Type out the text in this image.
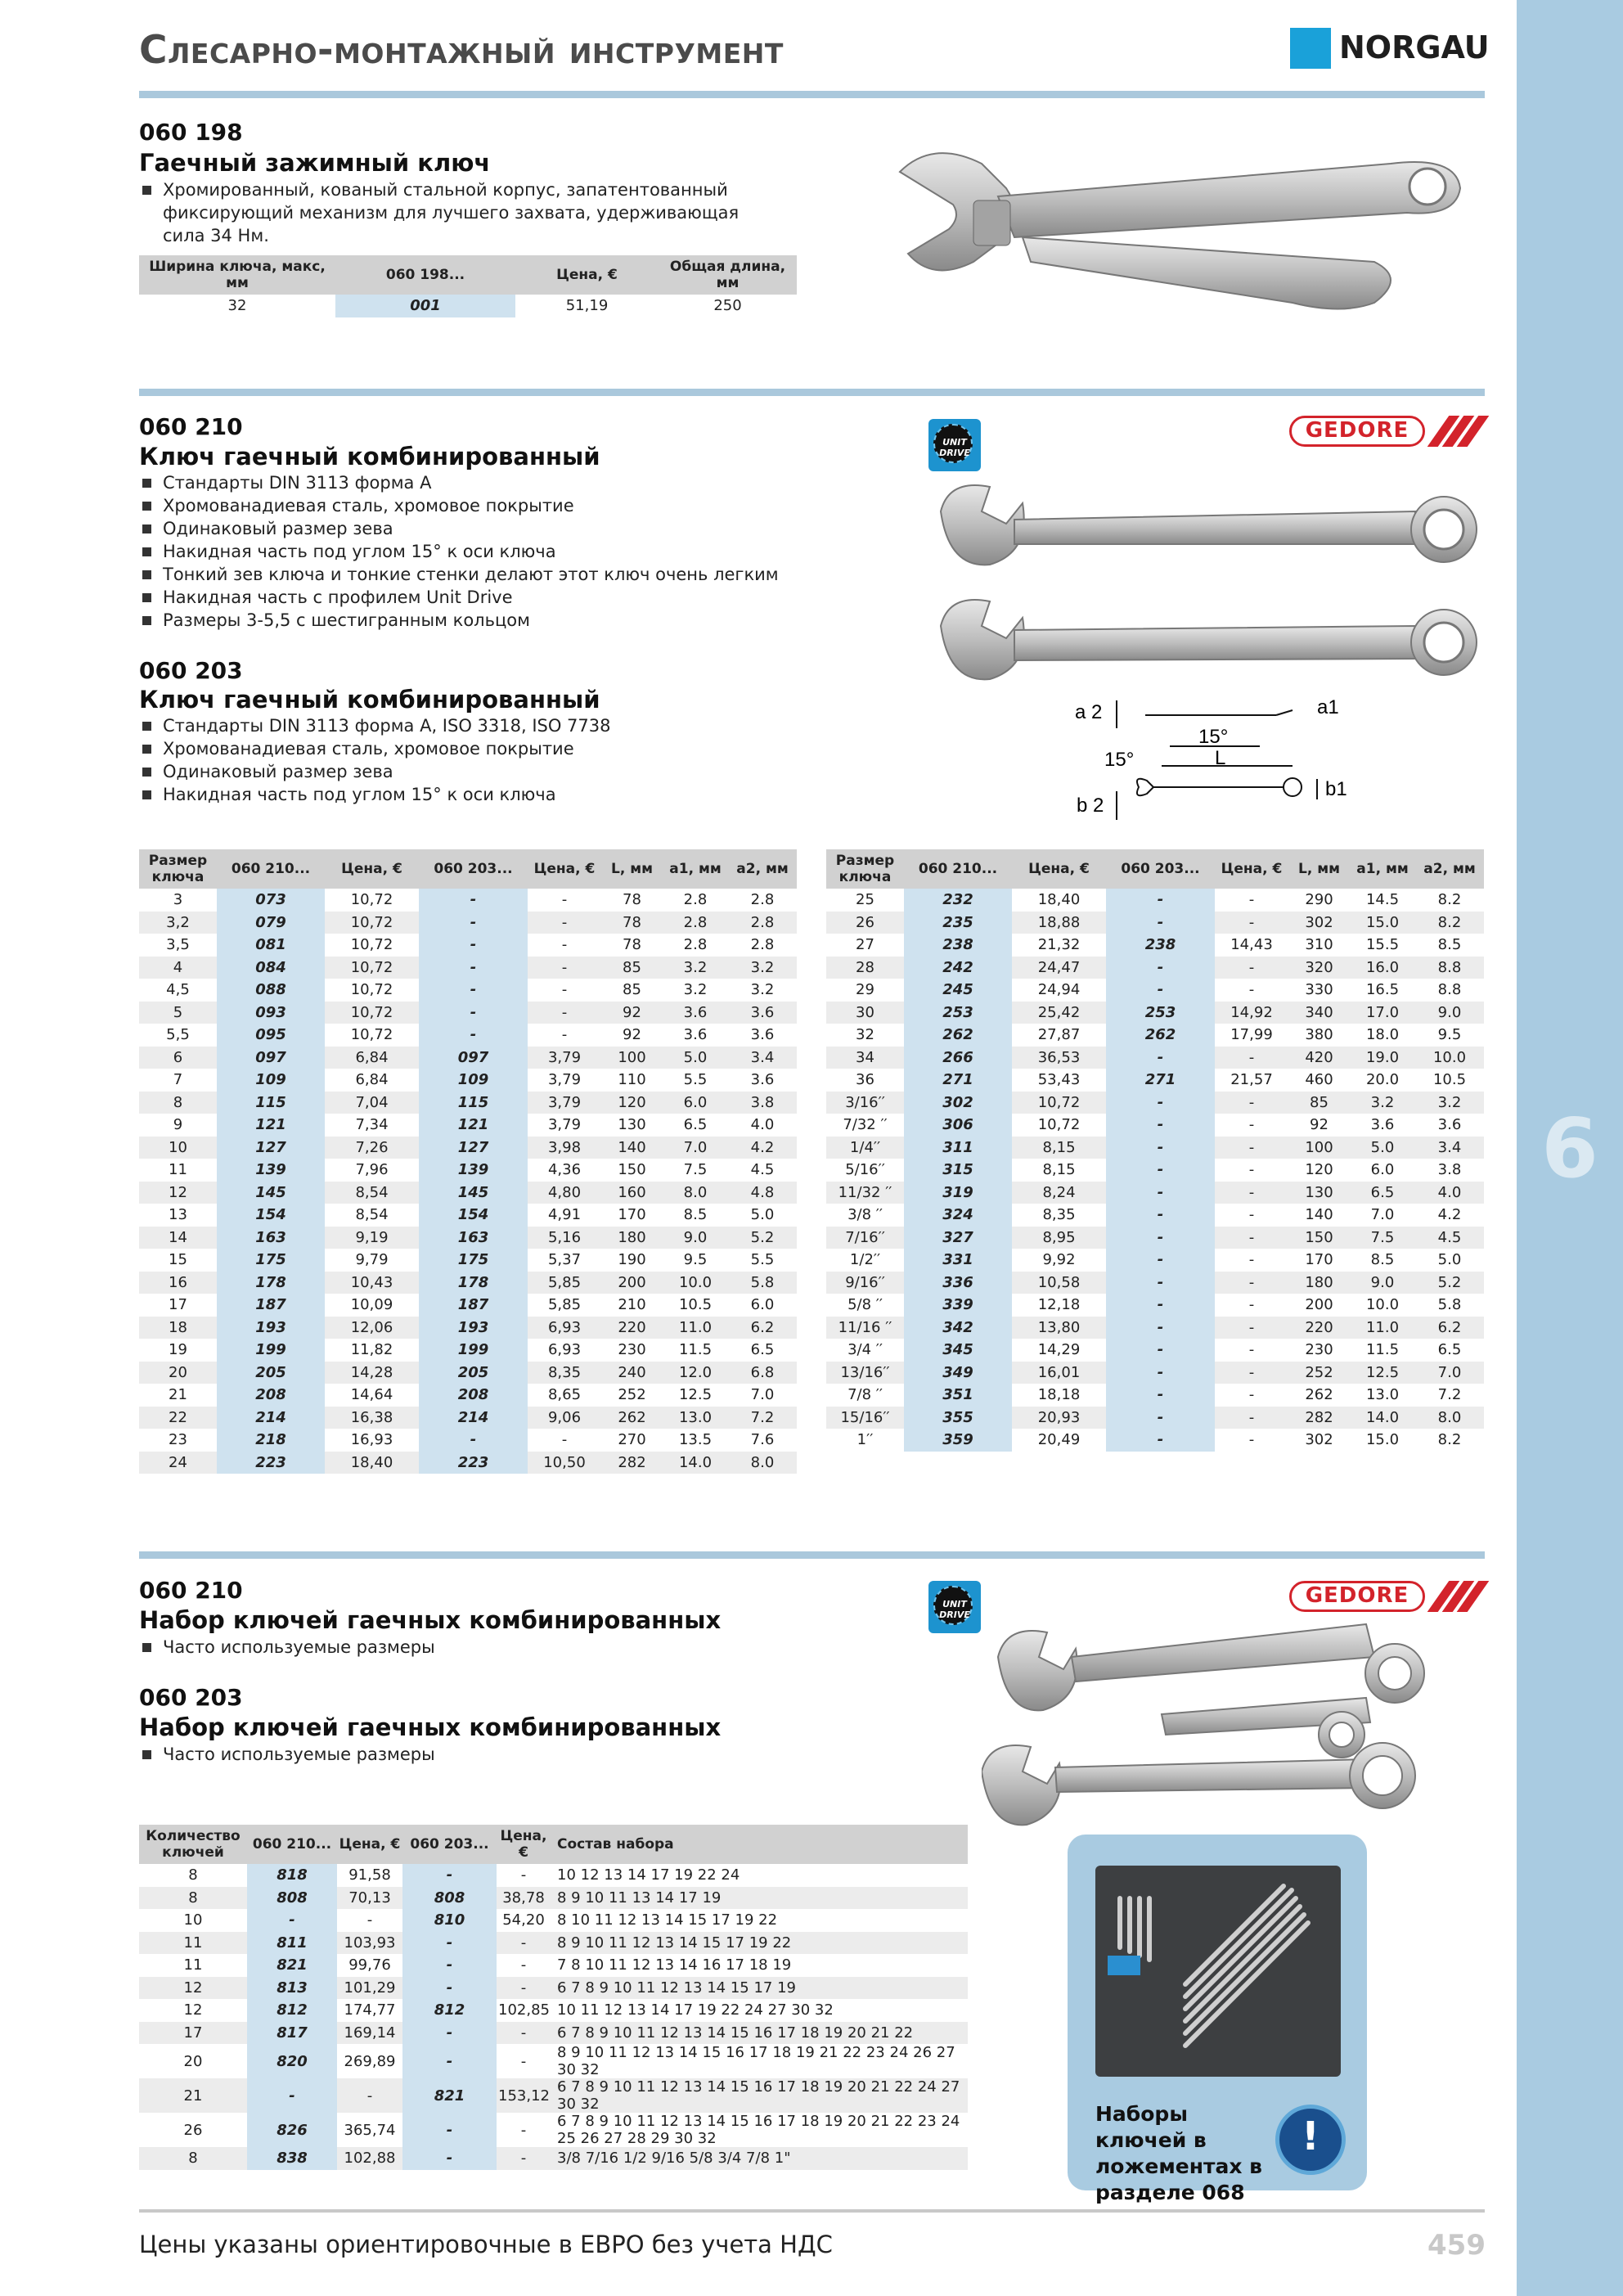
6
Слесарно-монтажный инструмент	NORGAU
060 198
Гаечный зажимный ключ
Хромированный, кованый стальной корпус, запатентованный фиксирующий механизм для лучшего захвата, удерживающая сила 34 Нм.
Ширина ключа, макс, мм	060 198...	Цена, €	Общая длина, мм
32	001	51,19	250
060 210
Ключ гаечный комбинированный
Стандарты DIN 3113 форма А
Хромованадиевая сталь, хромовое покрытие
Одинаковый размер зева
Накидная часть под углом 15° к оси ключа
Тонкий зев ключа и тонкие стенки делают этот ключ очень легким
Накидная часть с профилем Unit Drive
Размеры 3-5,5 с шестигранным кольцом
060 203
Ключ гаечный комбинированный
Стандарты DIN 3113 форма А, ISO 3318, ISO 7738
Хромованадиевая сталь, хромовое покрытие
Одинаковый размер зева
Накидная часть под углом 15° к оси ключа
UNIT DRIVE
GEDORE
a 2	a1
15°
15°	L
b 2
b1
Размер ключа	060 210...	Цена, €	060 203...	Цена, €	L, мм	a1, мм	a2, мм
3	073	10,72	-	-	78	2.8	2.8
3,2	079	10,72	-	-	78	2.8	2.8
3,5	081	10,72	-	-	78	2.8	2.8
4	084	10,72	-	-	85	3.2	3.2
4,5	088	10,72	-	-	85	3.2	3.2
5	093	10,72	-	-	92	3.6	3.6
5,5	095	10,72	-	-	92	3.6	3.6
6	097	6,84	097	3,79	100	5.0	3.4
7	109	6,84	109	3,79	110	5.5	3.6
8	115	7,04	115	3,79	120	6.0	3.8
9	121	7,34	121	3,79	130	6.5	4.0
10	127	7,26	127	3,98	140	7.0	4.2
11	139	7,96	139	4,36	150	7.5	4.5
12	145	8,54	145	4,80	160	8.0	4.8
13	154	8,54	154	4,91	170	8.5	5.0
14	163	9,19	163	5,16	180	9.0	5.2
15	175	9,79	175	5,37	190	9.5	5.5
16	178	10,43	178	5,85	200	10.0	5.8
17	187	10,09	187	5,85	210	10.5	6.0
18	193	12,06	193	6,93	220	11.0	6.2
19	199	11,82	199	6,93	230	11.5	6.5
20	205	14,28	205	8,35	240	12.0	6.8
21	208	14,64	208	8,65	252	12.5	7.0
22	214	16,38	214	9,06	262	13.0	7.2
23	218	16,93	-	-	270	13.5	7.6
24	223	18,40	223	10,50	282	14.0	8.0
Размер ключа	060 210...	Цена, €	060 203...	Цена, €	L, мм	a1, мм	a2, мм
25	232	18,40	-	-	290	14.5	8.2
26	235	18,88	-	-	302	15.0	8.2
27	238	21,32	238	14,43	310	15.5	8.5
28	242	24,47	-	-	320	16.0	8.8
29	245	24,94	-	-	330	16.5	8.8
30	253	25,42	253	14,92	340	17.0	9.0
32	262	27,87	262	17,99	380	18.0	9.5
34	266	36,53	-	-	420	19.0	10.0
36	271	53,43	271	21,57	460	20.0	10.5
3/16′′	302	10,72	-	-	85	3.2	3.2
7/32 ′′	306	10,72	-	-	92	3.6	3.6
1/4′′	311	8,15	-	-	100	5.0	3.4
5/16′′	315	8,15	-	-	120	6.0	3.8
11/32 ′′	319	8,24	-	-	130	6.5	4.0
3/8 ′′	324	8,35	-	-	140	7.0	4.2
7/16′′	327	8,95	-	-	150	7.5	4.5
1/2′′	331	9,92	-	-	170	8.5	5.0
9/16′′	336	10,58	-	-	180	9.0	5.2
5/8 ′′	339	12,18	-	-	200	10.0	5.8
11/16 ′′	342	13,80	-	-	220	11.0	6.2
3/4 ′′	345	14,29	-	-	230	11.5	6.5
13/16′′	349	16,01	-	-	252	12.5	7.0
7/8 ′′	351	18,18	-	-	262	13.0	7.2
15/16′′	355	20,93	-	-	282	14.0	8.0
1′′	359	20,49	-	-	302	15.0	8.2
060 210
Набор ключей гаечных комбинированных
Часто используемые размеры
060 203
Набор ключей гаечных комбинированных
Часто используемые размеры
UNIT DRIVE
GEDORE
Количество ключей	060 210...	Цена, €	060 203...	Цена, €	Состав набора
8	818	91,58	-	-	10 12 13 14 17 19 22 24
8	808	70,13	808	38,78	8 9 10 11 13 14 17 19
10	-	-	810	54,20	8 10 11 12 13 14 15 17 19 22
11	811	103,93	-	-	8 9 10 11 12 13 14 15 17 19 22
11	821	99,76	-	-	7 8 10 11 12 13 14 16 17 18 19
12	813	101,29	-	-	6 7 8 9 10 11 12 13 14 15 17 19
12	812	174,77	812	102,85	10 11 12 13 14 17 19 22 24 27 30 32
17	817	169,14	-	-	6 7 8 9 10 11 12 13 14 15 16 17 18 19 20 21 22
20	820	269,89	-	-	8 9 10 11 12 13 14 15 16 17 18 19 21 22 23 24 26 27 30 32
21	-	-	821	153,12	6 7 8 9 10 11 12 13 14 15 16 17 18 19 20 21 22 24 27 30 32
26	826	365,74	-	-	6 7 8 9 10 11 12 13 14 15 16 17 18 19 20 21 22 23 24 25 26 27 28 29 30 32
8	838	102,88	-	-	3/8 7/16 1/2 9/16 5/8 3/4 7/8 1"
Наборы ключей в ложементах в разделе 068
!
Цены указаны ориентировочные в ЕВРО без учета НДС	459
